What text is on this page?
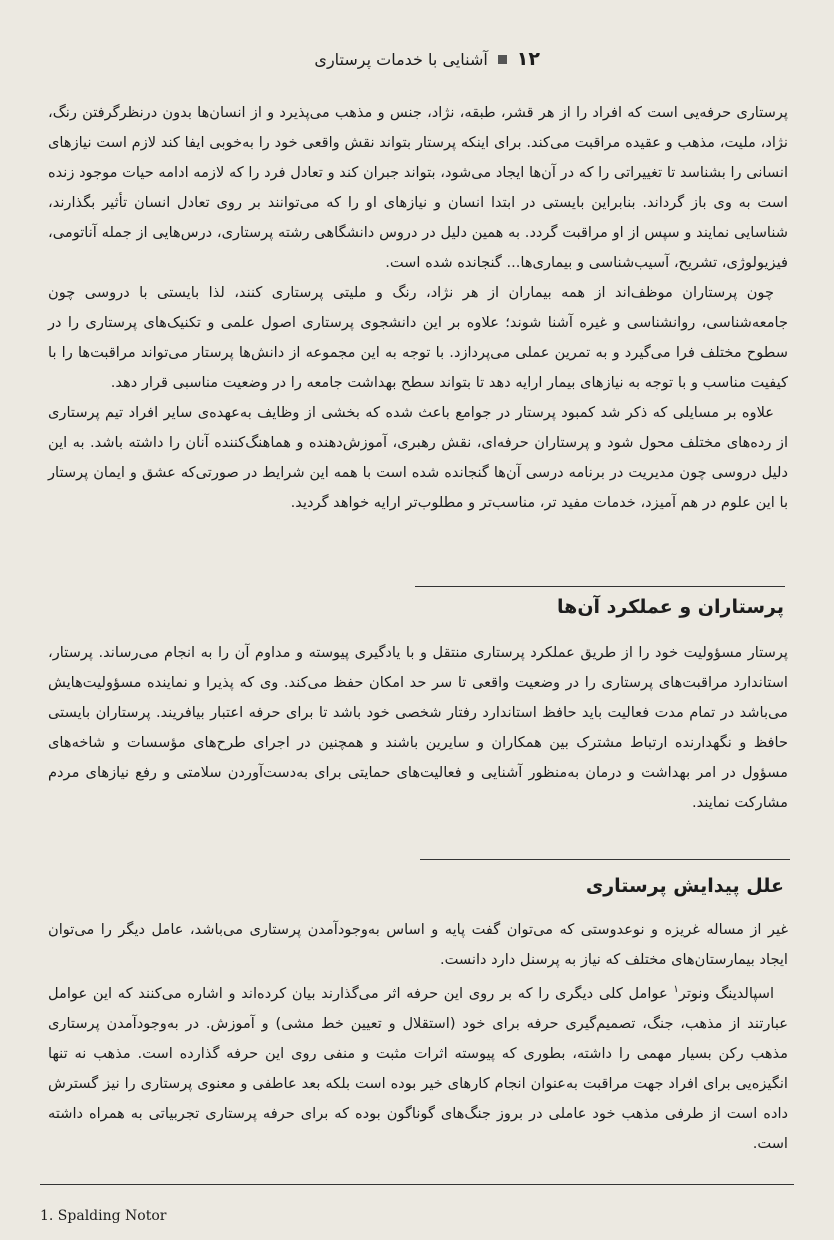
۱۲
آشنایی با خدمات پرستاری

پرستاری حرفه‌یی است که افراد را از هر قشر، طبقه، نژاد، جنس و مذهب می‌پذیرد و از انسان‌ها بدون درنظرگرفتن رنگ، نژاد، ملیت، مذهب و عقیده مراقبت می‌کند. برای اینکه پرستار بتواند نقش واقعی خود را به‌خوبی ایفا کند لازم است نیازهای انسانی را بشناسد تا تغییراتی را که در آن‌ها ایجاد می‌شود، بتواند جبران کند و تعادل فرد را که لازمه ادامه حیات موجود زنده است به وی باز گرداند. بنابراین بایستی در ابتدا انسان و نیازهای او را که می‌توانند بر روی تعادل انسان تأثیر بگذارند، شناسایی نمایند و سپس از او مراقبت گردد. به همین دلیل در دروس دانشگاهی رشته پرستاری، درس‌هایی از جمله آناتومی، فیزیولوژی، تشریح، آسیب‌شناسی و بیماری‌ها... گنجانده شده است.

چون پرستاران موظف‌اند از همه بیماران از هر نژاد، رنگ و ملیتی پرستاری کنند، لذا بایستی با دروسی چون جامعه‌شناسی، روانشناسی و غیره آشنا شوند؛ علاوه بر این دانشجوی پرستاری اصول علمی و تکنیک‌های پرستاری را در سطوح مختلف فرا می‌گیرد و به تمرین عملی می‌پردازد. با توجه به این مجموعه از دانش‌ها پرستار می‌تواند مراقبت‌ها را با کیفیت مناسب و با توجه به نیازهای بیمار ارایه دهد تا بتواند سطح بهداشت جامعه را در وضعیت مناسبی قرار دهد.

علاوه بر مسایلی که ذکر شد کمبود پرستار در جوامع باعث شده که بخشی از وظایف به‌عهده‌ی سایر افراد تیم پرستاری از رده‌های مختلف محول شود و پرستاران حرفه‌ای، نقش رهبری، آموزش‌دهنده و هماهنگ‌کننده آنان را داشته باشد. به این دلیل دروسی چون مدیریت در برنامه درسی آن‌ها گنجانده شده است با همه این شرایط در صورتی‌که عشق و ایمان پرستار با این علوم در هم آمیزد، خدمات مفید تر، مناسب‌تر و مطلوب‌تر ارایه خواهد گردید.

پرستاران و عملکرد آن‌ها

پرستار مسؤولیت خود را از طریق عملکرد پرستاری منتقل و با یادگیری پیوسته و مداوم آن را به انجام می‌رساند. پرستار، استاندارد مراقبت‌های پرستاری را در وضعیت واقعی تا سر حد امکان حفظ می‌کند. وی که پذیرا و نماینده مسؤولیت‌هایش می‌باشد در تمام مدت فعالیت باید حافظ استاندارد رفتار شخصی خود باشد تا برای حرفه اعتبار بیافریند. پرستاران بایستی حافظ و نگهدارنده ارتباط مشترک بین همکاران و سایرین باشند و همچنین در اجرای طرح‌های مؤسسات و شاخه‌های مسؤول در امر بهداشت و درمان به‌منظور آشنایی و فعالیت‌های حمایتی برای به‌دست‌آوردن سلامتی و رفع نیازهای مردم مشارکت نمایند.

علل پیدایش پرستاری

غیر از مساله غریزه و نوعدوستی که می‌توان گفت پایه و اساس به‌وجودآمدن پرستاری می‌باشد، عامل دیگر را می‌توان ایجاد بیمارستان‌های مختلف که نیاز به پرسنل دارد دانست.

اسپالدینگ ونوتر$^۱$ عوامل کلی دیگری را که بر روی این حرفه اثر می‌گذارند بیان کرده‌اند و اشاره می‌کنند که این عوامل عبارتند از مذهب، جنگ، تصمیم‌گیری حرفه برای خود (استقلال و تعیین خط مشی) و آموزش. در به‌وجودآمدن پرستاری مذهب رکن بسیار مهمی را داشته، بطوری که پیوسته اثرات مثبت و منفی روی این حرفه گذارده است. مذهب نه تنها انگیزه‌یی برای افراد جهت مراقبت به‌عنوان انجام کارهای خیر بوده است بلکه بعد عاطفی و معنوی پرستاری را نیز گسترش داده است از طرفی مذهب خود عاملی در بروز جنگ‌های گوناگون بوده که برای حرفه پرستاری تجربیاتی به همراه داشته است.

1. Spalding Notor
